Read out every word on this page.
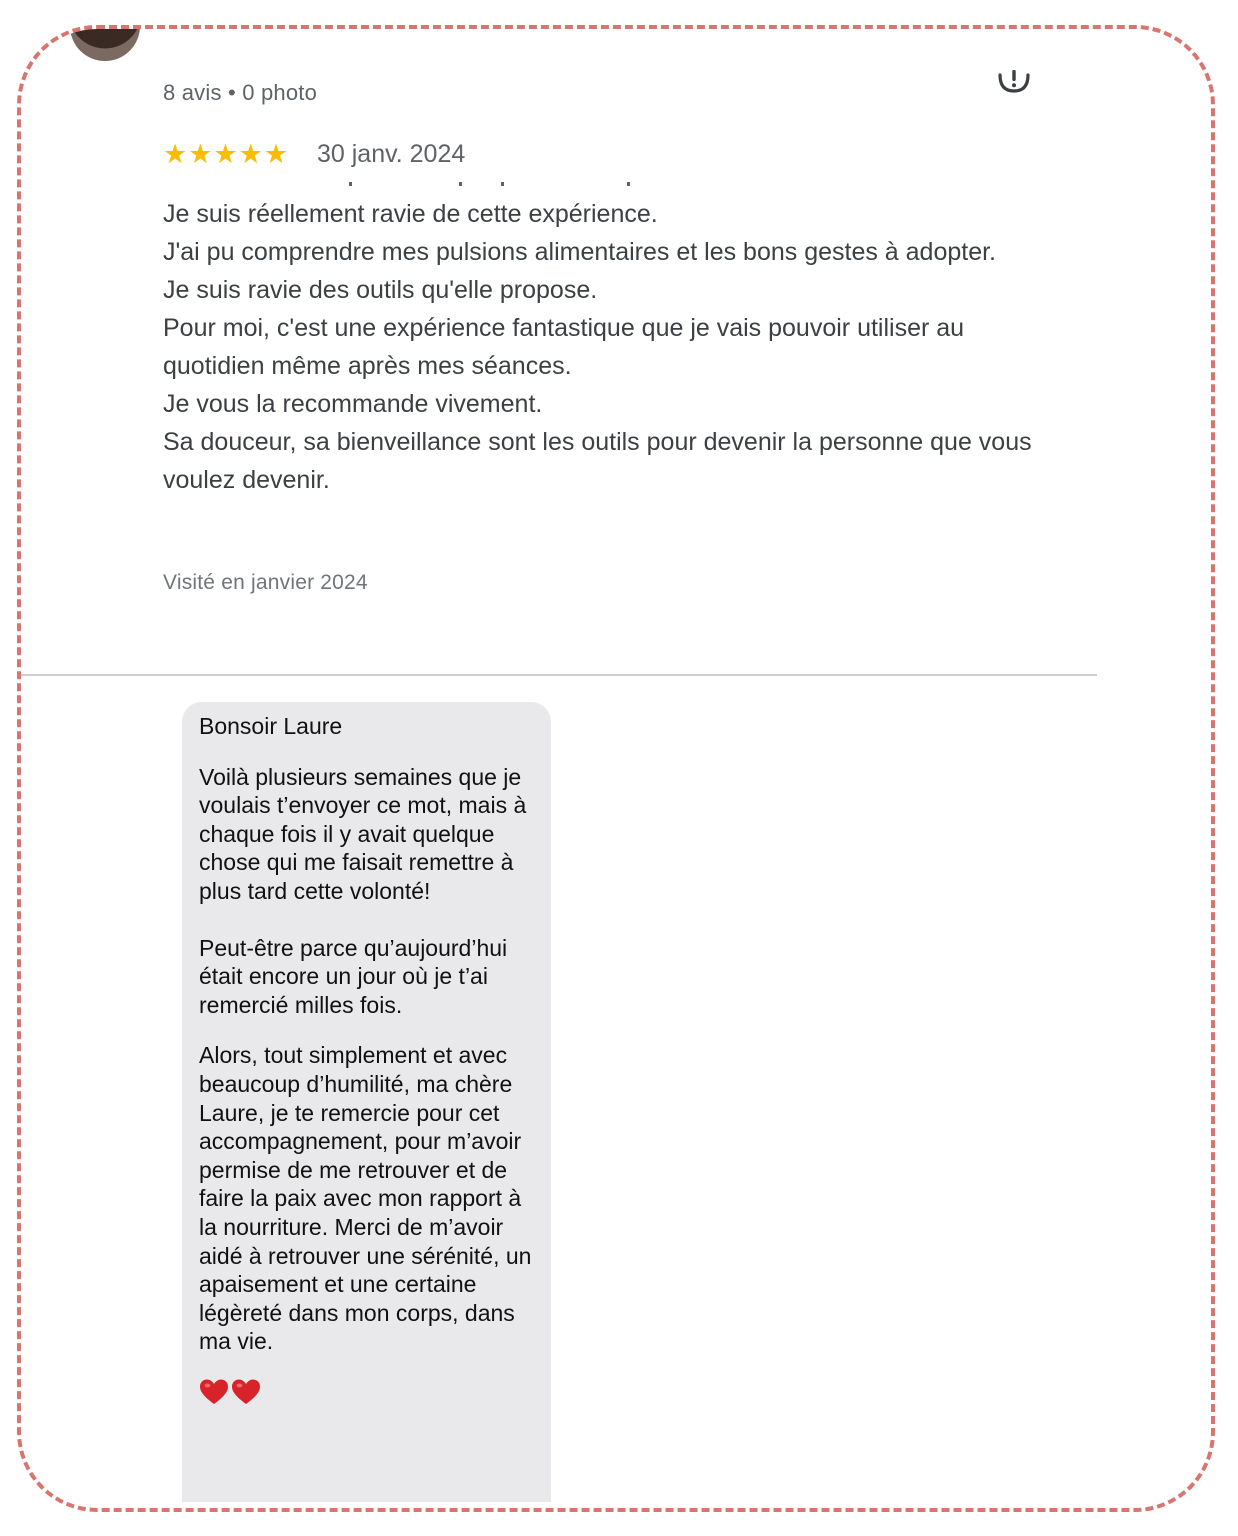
8 avis • 0 photo
★★★★★ 30 janv. 2024

Je suis réellement ravie de cette expérience.

J'ai pu comprendre mes pulsions alimentaires et les bons gestes à adopter.

Je suis ravie des outils qu'elle propose.

Pour moi, c'est une expérience fantastique que je vais pouvoir utiliser au quotidien même après mes séances.

Je vous la recommande vivement.

Sa douceur, sa bienveillance sont les outils pour devenir la personne que vous voulez devenir.

Visité en janvier 2024

Bonsoir Laure

Voilà plusieurs semaines que je voulais t’envoyer ce mot, mais à chaque fois il y avait quelque chose qui me faisait remettre à plus tard cette volonté!

Peut-être parce qu’aujourd’hui était encore un jour où je t’ai remercié milles fois.

Alors, tout simplement et avec beaucoup d’humilité, ma chère Laure, je te remercie pour cet accompagnement, pour m’avoir permise de me retrouver et de faire la paix avec mon rapport à la nourriture. Merci de m’avoir aidé à retrouver une sérénité, un apaisement et une certaine légèreté dans mon corps, dans ma vie.
